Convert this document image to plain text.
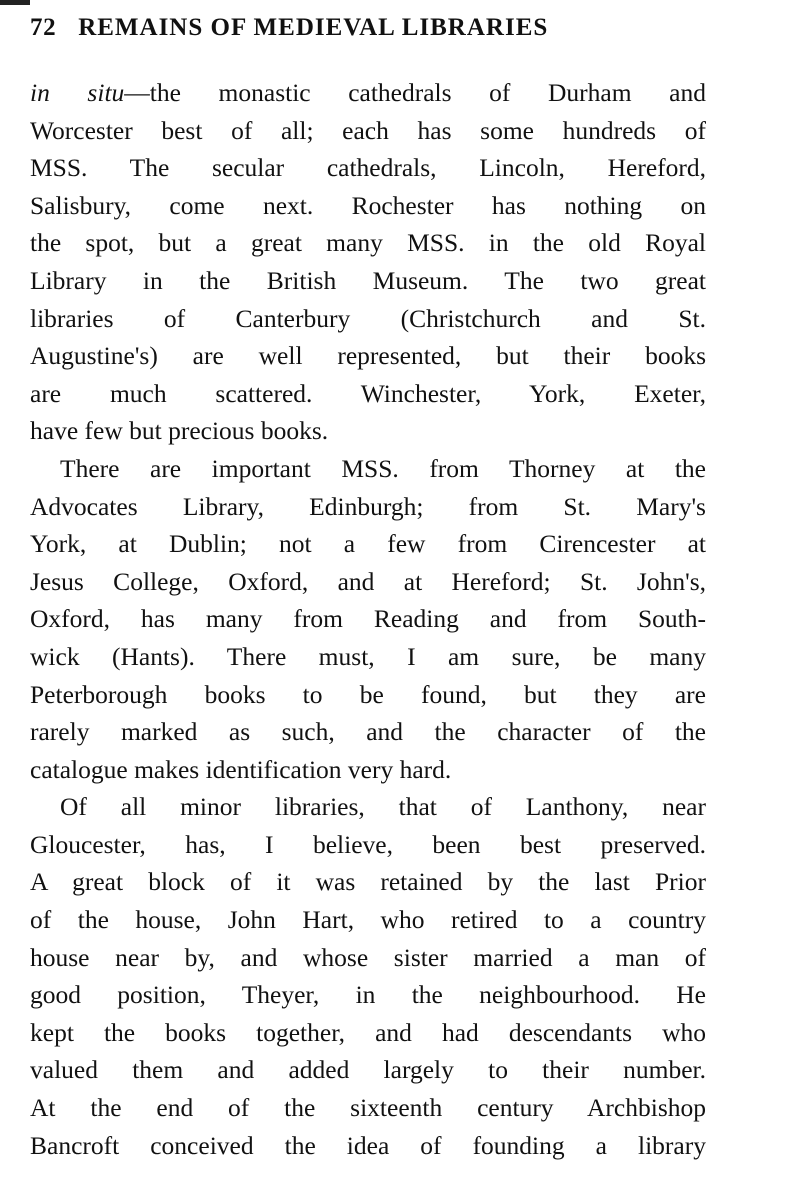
72 REMAINS OF MEDIEVAL LIBRARIES
in situ—the monastic cathedrals of Durham and
Worcester best of all; each has some hundreds of
MSS. The secular cathedrals, Lincoln, Hereford,
Salisbury, come next. Rochester has nothing on
the spot, but a great many MSS. in the old Royal
Library in the British Museum. The two great
libraries of Canterbury (Christchurch and St.
Augustine's) are well represented, but their books
are much scattered. Winchester, York, Exeter,
have few but precious books.
There are important MSS. from Thorney at the
Advocates Library, Edinburgh; from St. Mary's
York, at Dublin; not a few from Cirencester at
Jesus College, Oxford, and at Hereford; St. John's,
Oxford, has many from Reading and from South-
wick (Hants). There must, I am sure, be many
Peterborough books to be found, but they are
rarely marked as such, and the character of the
catalogue makes identification very hard.
Of all minor libraries, that of Lanthony, near
Gloucester, has, I believe, been best preserved.
A great block of it was retained by the last Prior
of the house, John Hart, who retired to a country
house near by, and whose sister married a man of
good position, Theyer, in the neighbourhood. He
kept the books together, and had descendants who
valued them and added largely to their number.
At the end of the sixteenth century Archbishop
Bancroft conceived the idea of founding a library
